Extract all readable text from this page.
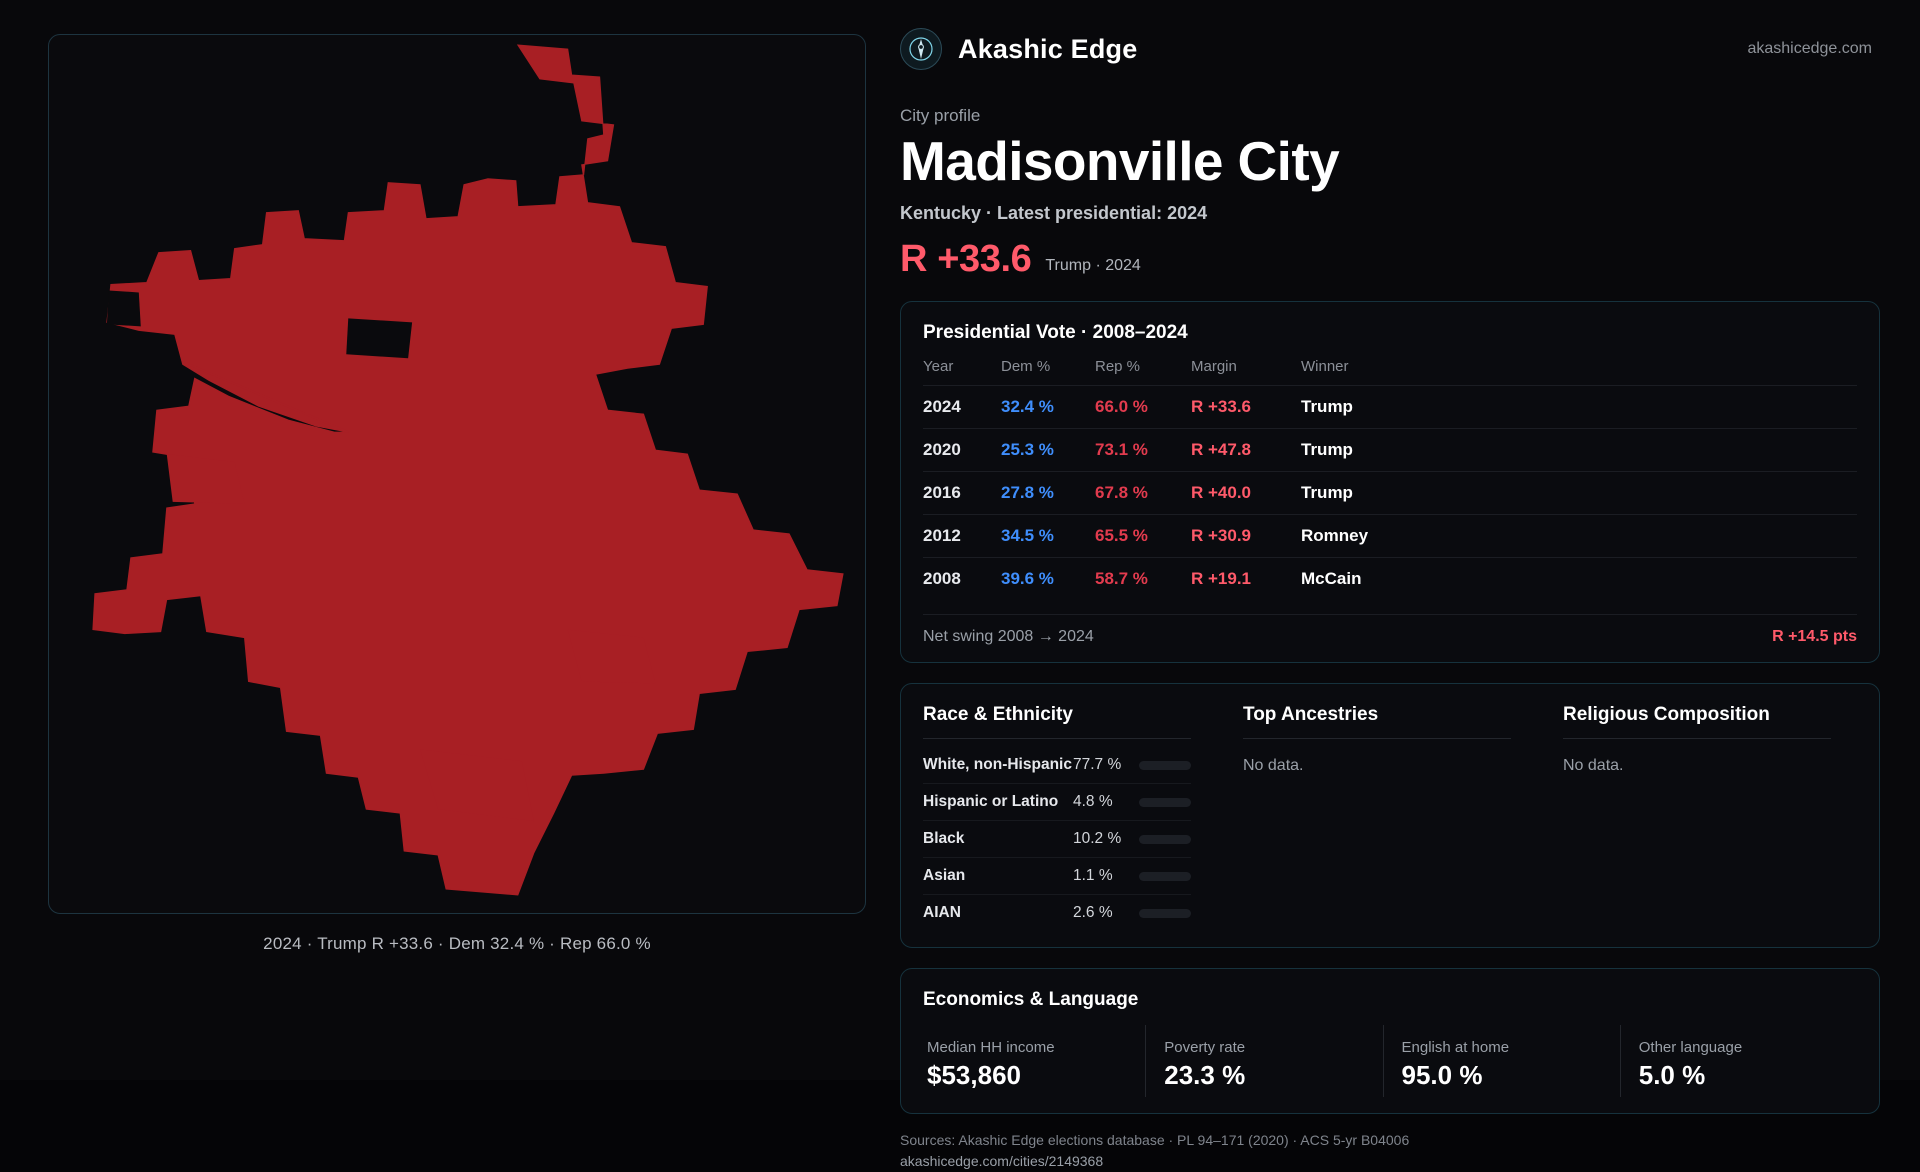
2024 · Trump R +33.6 · Dem 32.4 % · Rep 66.0 %
Akashic Edge	akashicedge.com
City profile
Madisonville City
Kentucky · Latest presidential: 2024
R +33.6 Trump · 2024
Presidential Vote · 2008–2024
Year	Dem %	Rep %	Margin	Winner
2024	32.4 %	66.0 %	R +33.6	Trump
2020	25.3 %	73.1 %	R +47.8	Trump
2016	27.8 %	67.8 %	R +40.0	Trump
2012	34.5 %	65.5 %	R +30.9	Romney
2008	39.6 %	58.7 %	R +19.1	McCain
Net swing 2008 → 2024	R +14.5 pts
Race & Ethnicity
White, non-Hispanic 77.7 %
Hispanic or Latino 4.8 %
Black	10.2 %
Asian	1.1 %
AIAN	2.6 %
Top Ancestries
No data.
Religious Composition
No data.
Economics & Language
Median HH income
$53,860
Poverty rate
23.3 %
English at home
95.0 %
Other language
5.0 %
Sources: Akashic Edge elections database · PL 94–171 (2020) · ACS 5-yr B04006
akashicedge.com/cities/2149368
